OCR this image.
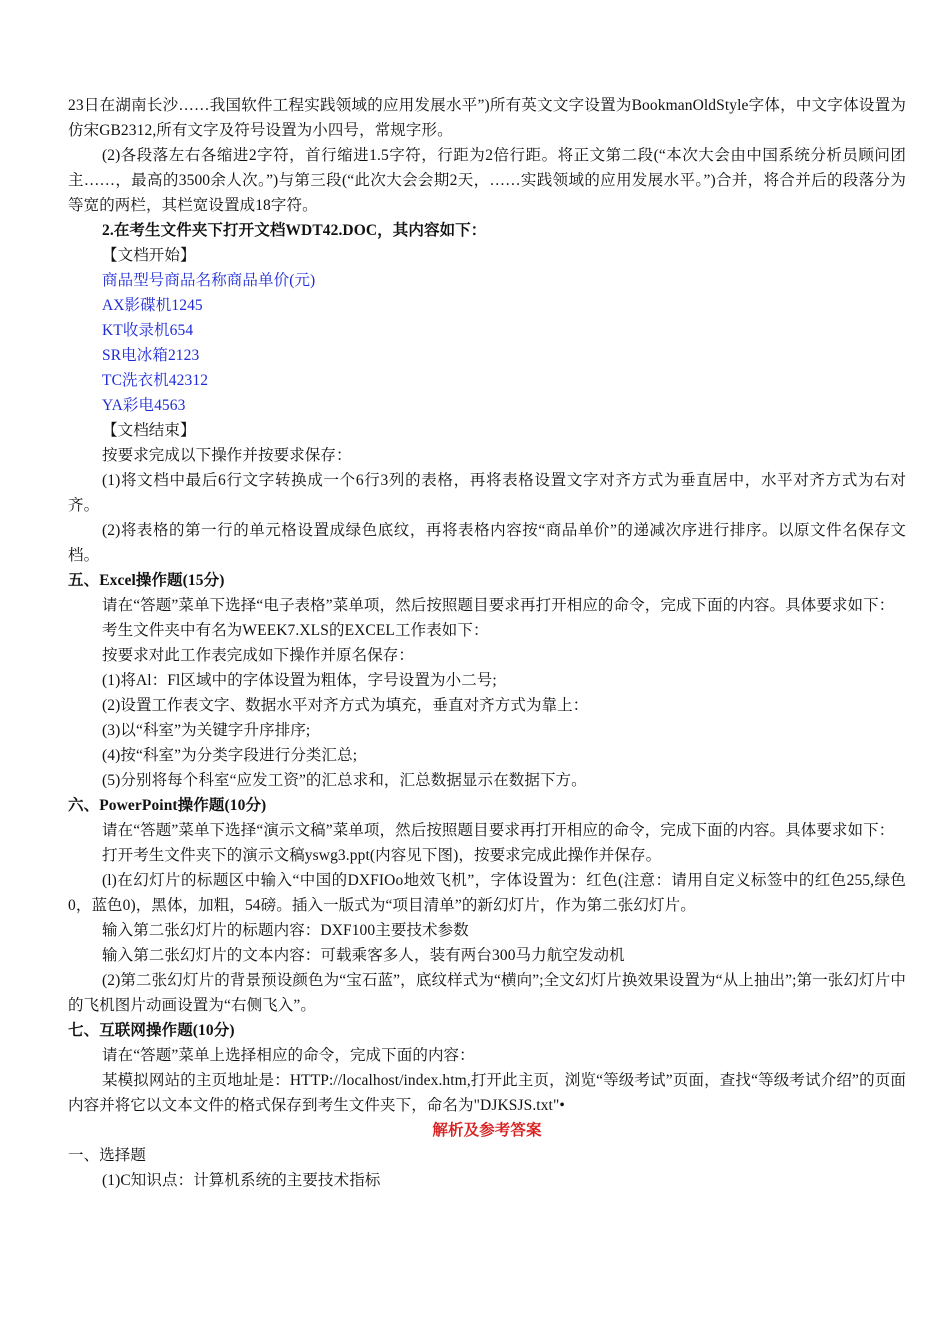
23日在湖南长沙……我国软件工程实践领域的应用发展水平”)所有英文文字设置为BookmanOldStyle字体，中文字体设置为仿宋GB2312,所有文字及符号设置为小四号，常规字形。

(2)各段落左右各缩进2字符，首行缩进1.5字符，行距为2倍行距。将正文第二段(“本次大会由中国系统分析员顾问团主……，最高的3500余人次。”)与第三段(“此次大会会期2天，……实践领域的应用发展水平。”)合并，将合并后的段落分为等宽的两栏，其栏宽设置成18字符。

2.在考生文件夹下打开文档WDT42.DOC，其内容如下：

【文档开始】

商品型号商品名称商品单价(元)

AX影碟机1245

KT收录机654

SR电冰箱2123

TC洗衣机42312

YA彩电4563

【文档结束】

按要求完成以下操作并按要求保存：

(1)将文档中最后6行文字转换成一个6行3列的表格，再将表格设置文字对齐方式为垂直居中，水平对齐方式为右对齐。

(2)将表格的第一行的单元格设置成绿色底纹，再将表格内容按“商品单价”的递减次序进行排序。以原文件名保存文档。

五、Excel操作题(15分)

请在“答题”菜单下选择“电子表格”菜单项，然后按照题目要求再打开相应的命令，完成下面的内容。具体要求如下：

考生文件夹中有名为WEEK7.XLS的EXCEL工作表如下：

按要求对此工作表完成如下操作并原名保存：

(1)将Al：Fl区域中的字体设置为粗体，字号设置为小二号;

(2)设置工作表文字、数据水平对齐方式为填充，垂直对齐方式为靠上：

(3)以“科室”为关键字升序排序;

(4)按“科室”为分类字段进行分类汇总;

(5)分别将每个科室“应发工资”的汇总求和，汇总数据显示在数据下方。

六、PowerPoint操作题(10分)

请在“答题”菜单下选择“演示文稿”菜单项，然后按照题目要求再打开相应的命令，完成下面的内容。具体要求如下：

打开考生文件夹下的演示文稿yswg3.ppt(内容见下图)，按要求完成此操作并保存。

(l)在幻灯片的标题区中输入“中国的DXFIOo地效飞机”，字体设置为：红色(注意：请用自定义标签中的红色255,绿色0，蓝色0)，黑体，加粗，54磅。插入一版式为“项目清单”的新幻灯片，作为第二张幻灯片。

输入第二张幻灯片的标题内容：DXF100主要技术参数

输入第二张幻灯片的文本内容：可载乘客多人，装有两台300马力航空发动机

(2)第二张幻灯片的背景预设颜色为“宝石蓝”，底纹样式为“横向”;全文幻灯片换效果设置为“从上抽出”;第一张幻灯片中的飞机图片动画设置为“右侧飞入”。

七、互联网操作题(10分)

请在“答题”菜单上选择相应的命令，完成下面的内容：

某模拟网站的主页地址是：HTTP://localhost/index.htm,打开此主页，浏览“等级考试”页面，查找“等级考试介绍”的页面内容并将它以文本文件的格式保存到考生文件夹下，命名为"DJKSJS.txt"•

解析及参考答案

一、选择题

(1)C知识点：计算机系统的主要技术指标
